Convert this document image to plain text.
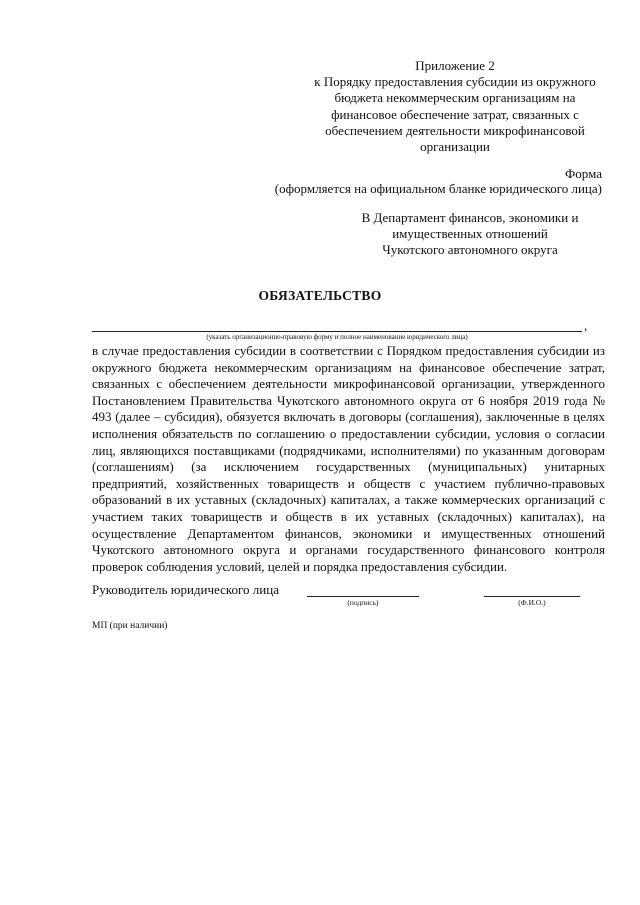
Приложение 2
к Порядку предоставления субсидии из окружного
бюджета некоммерческим организациям на
финансовое обеспечение затрат, связанных с
обеспечением деятельности микрофинансовой
организации
Форма
(оформляется на официальном бланке юридического лица)
В Департамент финансов, экономики и
имущественных отношений
Чукотского автономного округа
ОБЯЗАТЕЛЬСТВО
,
(указать организационно-правовую форму и полное наименование юридического лица)
в случае предоставления субсидии в соответствии с Порядком предоставления субсидии из окружного бюджета некоммерческим организациям на финансовое обеспечение затрат, связанных с обеспечением деятельности микрофинансовой организации, утвержденного Постановлением Правительства Чукотского автономного округа от 6 ноября 2019 года № 493 (далее – субсидия), обязуется включать в договоры (соглашения), заключенные в целях исполнения обязательств по соглашению о предоставлении субсидии, условия о согласии лиц, являющихся поставщиками (подрядчиками, исполнителями) по указанным договорам (соглашениям) (за исключением государственных (муниципальных) унитарных предприятий, хозяйственных товариществ и обществ с участием публично-правовых образований в их уставных (складочных) капиталах, а также коммерческих организаций с участием таких товариществ и обществ в их уставных (складочных) капиталах), на осуществление Департаментом финансов, экономики и имущественных отношений Чукотского автономного округа и органами государственного финансового контроля проверок соблюдения условий, целей и порядка предоставления субсидии.
Руководитель юридического лица
(подпись)	(Ф.И.О.)
МП (при наличии)
